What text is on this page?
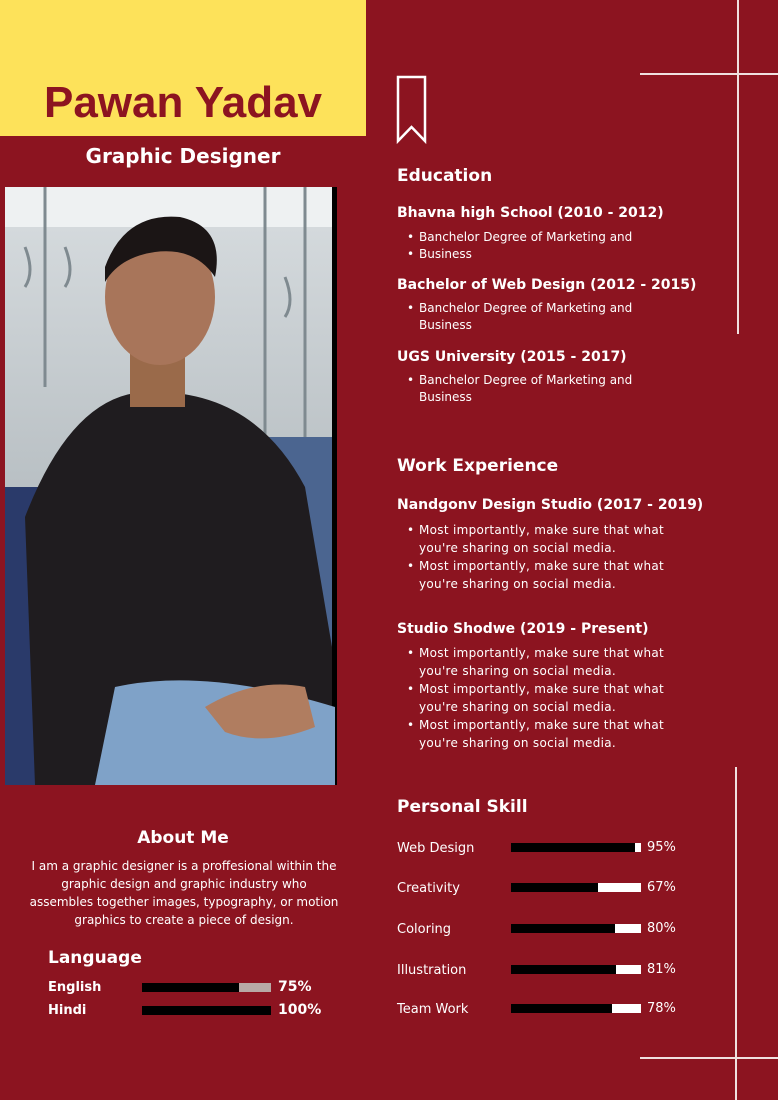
Pawan Yadav
Graphic Designer
Education
Bhavna high School (2010 - 2012)
• Banchelor Degree of Marketing and
• Business
Bachelor of Web Design (2012 - 2015)
• Banchelor Degree of Marketing and
Business
UGS University (2015 - 2017)
• Banchelor Degree of Marketing and
Business
Work Experience
Nandgonv Design Studio (2017 - 2019)
• Most importantly, make sure that what
you're sharing on social media.
• Most importantly, make sure that what
you're sharing on social media.
Studio Shodwe (2019 - Present)
• Most importantly, make sure that what
you're sharing on social media.
• Most importantly, make sure that what
you're sharing on social media.
• Most importantly, make sure that what
you're sharing on social media.
Personal Skill
Web Design	95%
Creativity	67%
Coloring	80%
Illustration	81%
Team Work	78%
About Me
I am a graphic designer is a proffesional within the graphic design and graphic industry who assembles together images, typography, or motion graphics to create a piece of design.
Language
English	75%
Hindi	100%
